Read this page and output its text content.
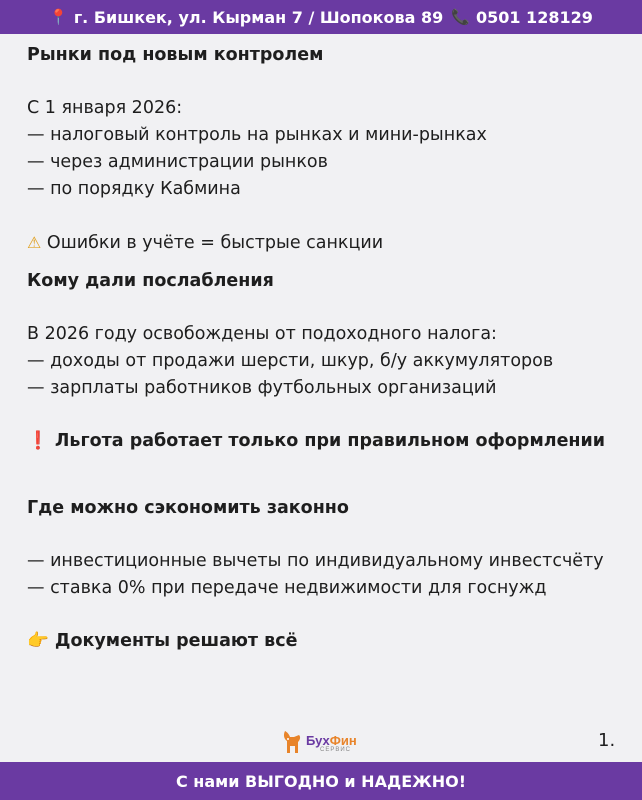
📍 г. Бишкек, ул. Кырман 7 / Шопокова 89 📞 0501 128129
Рынки под новым контролем
С 1 января 2026:
— налоговый контроль на рынках и мини-рынках
— через администрации рынков
— по порядку Кабмина
⚠ Ошибки в учёте = быстрые санкции
Кому дали послабления
В 2026 году освобождены от подоходного налога:
— доходы от продажи шерсти, шкур, б/у аккумуляторов
— зарплаты работников футбольных организаций
❗ Льгота работает только при правильном оформлении
Где можно сэкономить законно
— инвестиционные вычеты по индивидуальному инвестсчёту
— ставка 0% при передаче недвижимости для госнужд
👉 Документы решают всё
БухФин
СЕРВИС	1.
С нами ВЫГОДНО и НАДЕЖНО!
